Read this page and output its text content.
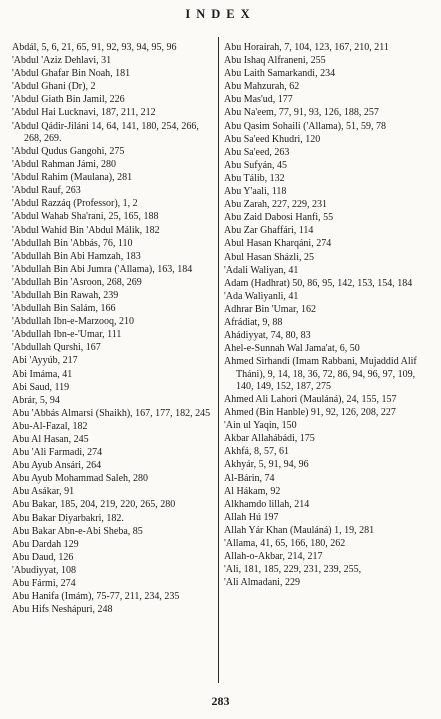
INDEX
Abdál, 5, 6, 21, 65, 91, 92, 93, 94, 95, 96
'Abdul 'Aziz Dehlavi, 31
'Abdul Ghafar Bin Noah, 181
'Abdul Ghani (Dr), 2
'Abdul Giath Bin Jamil, 226
'Abdul Hai Lucknavi, 187, 211, 212
'Abdul Qádir-Jiláni 14, 64, 141, 180, 254, 266, 268, 269.
'Abdul Qudus Gangohi, 275
'Abdul Rahman Jámi, 280
'Abdul Rahim (Maulana), 281
'Abdul Rauf, 263
'Abdul Razzáq (Professor), 1, 2
'Abdul Wahab Sha'rani, 25, 165, 188
'Abdul Wahid Bin 'Abdul Málik, 182
'Abdullah Bin 'Abbás, 76, 110
'Abdullah Bin Abi Hamzah, 183
'Abdullah Bin Abi Jumra ('Allama), 163, 184
'Abdullah Bin 'Asroon, 268, 269
'Abdullah Bin Rawah, 239
'Abdullah Bin Salám, 166
'Abdullah Ibn-e-Marzooq, 210
'Abdullah Ibn-e-'Umar, 111
'Abdullah Qurshi, 167
Abi 'Ayyúb, 217
Abi Imáma, 41
Abi Saud, 119
Abrár, 5, 94
Abu 'Abbás Almarsi (Shaikh), 167, 177, 182, 245
Abu-Al-Fazal, 182
Abu Al Hasan, 245
Abu 'Ali Farmadi, 274
Abu Ayub Ansári, 264
Abu Ayub Mohammad Saleh, 280
Abu Asákar, 91
Abu Bakar, 185, 204, 219, 220, 265, 280
Abu Bakar Diyarbakri, 182.
Abu Bakar Abn-e-Abi Sheba, 85
Abu Dardah 129
Abu Daud, 126
'Abudiyyat, 108
Abu Fármi, 274
Abu Hanifa (Imám), 75-77, 211, 234, 235
Abu Hifs Neshápuri, 248
Abu Horairah, 7, 104, 123, 167, 210, 211
Abu Ishaq Alfraneni, 255
Abu Laith Samarkandi, 234
Abu Mahzurah, 62
Abu Mas'ud, 177
Abu Na'eem, 77, 91, 93, 126, 188, 257
Abu Qasim Sohaili ('Allama), 51, 59, 78
Abu Sa'eed Khudri, 120
Abu Sa'eed, 263
Abu Sufyán, 45
Abu Tálib, 132
Abu Y'aali, 118
Abu Zarah, 227, 229, 231
Abu Zaid Dabosi Hanfi, 55
Abu Zar Ghaffári, 114
Abul Hasan Kharqáni, 274
Abul Hasan Sházli, 25
'Adali Waliyan, 41
Adam (Hadhrat) 50, 86, 95, 142, 153, 154, 184
'Ada Waliyanli, 41
Adhrar Bin 'Umar, 162
Afrádiat, 9, 88
Ahádiyyat, 74, 80, 83
Ahel-e-Sunnah Wal Jama'at, 6, 50
Ahmed Sirhandi (Imam Rabbani, Mujaddid Alif Tháni), 9, 14, 18, 36, 72, 86, 94, 96, 97, 109, 140, 149, 152, 187, 275
Ahmed Ali Lahori (Mauláná), 24, 155, 157
Ahmed (Bin Hanble) 91, 92, 126, 208, 227
'Ain ul Yaqin, 150
Akbar Allahábádi, 175
Akhfá, 8, 57, 61
Akhyár, 5, 91, 94, 96
Al-Bárin, 74
Al Hákam, 92
Alkhamdo lillah, 214
Allah Hú 197
Allah Yár Khan (Mauláná) 1, 19, 281
'Allama, 41, 65, 166, 180, 262
Allah-o-Akbar, 214, 217
'Ali, 181, 185, 229, 231, 239, 255,
'Ali Almadani, 229
283
